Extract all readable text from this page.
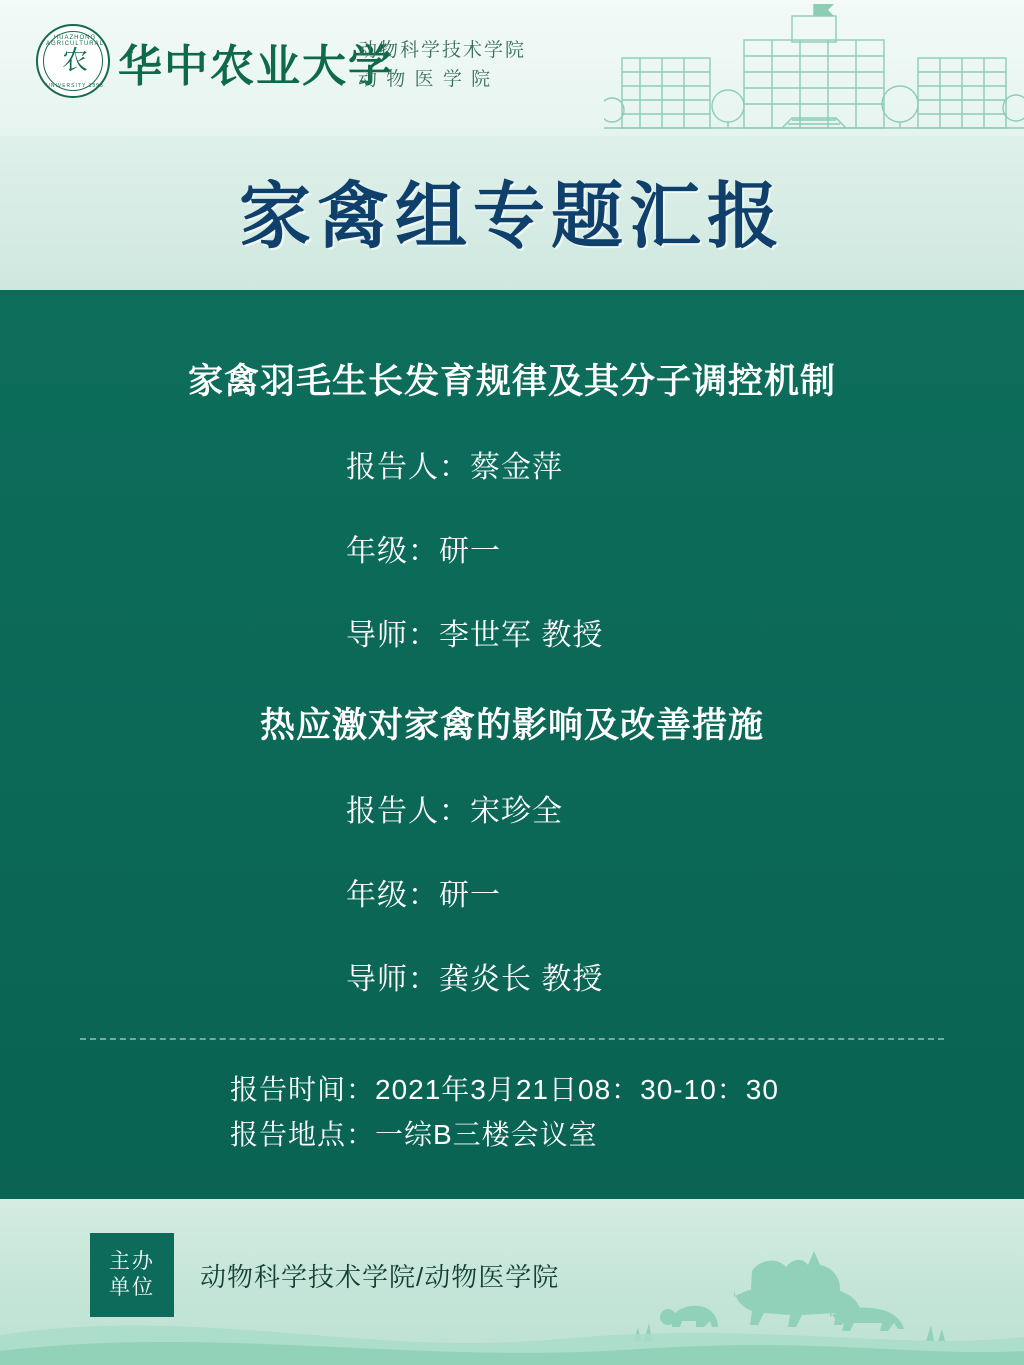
HUAZHONG AGRICULTURAL
农
UNIVERSITY 1898 华中农业大学
动物科学技术学院
动 物 医 学 院
家禽组专题汇报
家禽羽毛生长发育规律及其分子调控机制
报告人：蔡金萍
年级：研一
导师：李世军 教授
热应激对家禽的影响及改善措施
报告人：宋珍全
年级：研一
导师：龚炎长 教授
报告时间：2021年3月21日08：30-10：30
报告地点：一综B三楼会议室
主办
单位 动物科学技术学院/动物医学院
